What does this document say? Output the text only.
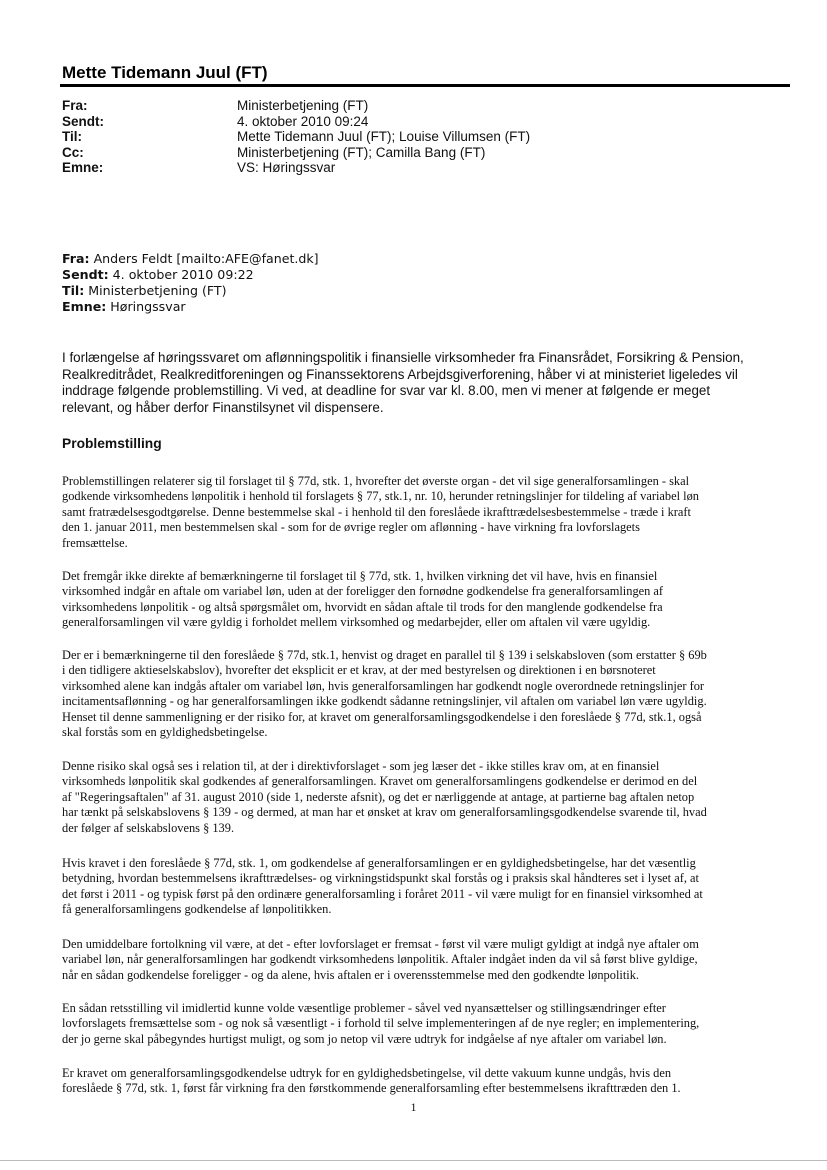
Mette Tidemann Juul (FT)
Fra:	Ministerbetjening (FT)
Sendt:	4. oktober 2010 09:24
Til:	Mette Tidemann Juul (FT); Louise Villumsen (FT)
Cc:	Ministerbetjening (FT); Camilla Bang (FT)
Emne:	VS: Høringssvar
Fra: Anders Feldt [mailto:AFE@fanet.dk]
Sendt: 4. oktober 2010 09:22
Til: Ministerbetjening (FT)
Emne: Høringssvar
I forlængelse af høringssvaret om aflønningspolitik i finansielle virksomheder fra Finansrådet, Forsikring & Pension,
Realkreditrådet, Realkreditforeningen og Finanssektorens Arbejdsgiverforening, håber vi at ministeriet ligeledes vil
inddrage følgende problemstilling. Vi ved, at deadline for svar var kl. 8.00, men vi mener at følgende er meget
relevant, og håber derfor Finanstilsynet vil dispensere.
Problemstilling
Problemstillingen relaterer sig til forslaget til § 77d, stk. 1, hvorefter det øverste organ - det vil sige generalforsamlingen - skal
godkende virksomhedens lønpolitik i henhold til forslagets § 77, stk.1, nr. 10, herunder retningslinjer for tildeling af variabel løn
samt fratrædelsesgodtgørelse. Denne bestemmelse skal - i henhold til den foreslåede ikrafttrædelsesbestemmelse - træde i kraft
den 1. januar 2011, men bestemmelsen skal - som for de øvrige regler om aflønning - have virkning fra lovforslagets
fremsættelse.
Det fremgår ikke direkte af bemærkningerne til forslaget til § 77d, stk. 1, hvilken virkning det vil have, hvis en finansiel
virksomhed indgår en aftale om variabel løn, uden at der foreligger den fornødne godkendelse fra generalforsamlingen af
virksomhedens lønpolitik - og altså spørgsmålet om, hvorvidt en sådan aftale til trods for den manglende godkendelse fra
generalforsamlingen vil være gyldig i forholdet mellem virksomhed og medarbejder, eller om aftalen vil være ugyldig.
Der er i bemærkningerne til den foreslåede § 77d, stk.1, henvist og draget en parallel til § 139 i selskabsloven (som erstatter § 69b
i den tidligere aktieselskabslov), hvorefter det eksplicit er et krav, at der med bestyrelsen og direktionen i en børsnoteret
virksomhed alene kan indgås aftaler om variabel løn, hvis generalforsamlingen har godkendt nogle overordnede retningslinjer for
incitamentsaflønning - og har generalforsamlingen ikke godkendt sådanne retningslinjer, vil aftalen om variabel løn være ugyldig.
Henset til denne sammenligning er der risiko for, at kravet om generalforsamlingsgodkendelse i den foreslåede § 77d, stk.1, også
skal forstås som en gyldighedsbetingelse.
Denne risiko skal også ses i relation til, at der i direktivforslaget - som jeg læser det - ikke stilles krav om, at en finansiel
virksomheds lønpolitik skal godkendes af generalforsamlingen. Kravet om generalforsamlingens godkendelse er derimod en del
af "Regeringsaftalen" af 31. august 2010 (side 1, nederste afsnit), og det er nærliggende at antage, at partierne bag aftalen netop
har tænkt på selskabslovens § 139 - og dermed, at man har et ønsket at krav om generalforsamlingsgodkendelse svarende til, hvad
der følger af selskabslovens § 139.
Hvis kravet i den foreslåede § 77d, stk. 1, om godkendelse af generalforsamlingen er en gyldighedsbetingelse, har det væsentlig
betydning, hvordan bestemmelsens ikrafttrædelses- og virkningstidspunkt skal forstås og i praksis skal håndteres set i lyset af, at
det først i 2011 - og typisk først på den ordinære generalforsamling i foråret 2011 - vil være muligt for en finansiel virksomhed at
få generalforsamlingens godkendelse af lønpolitikken.
Den umiddelbare fortolkning vil være, at det - efter lovforslaget er fremsat - først vil være muligt gyldigt at indgå nye aftaler om
variabel løn, når generalforsamlingen har godkendt virksomhedens lønpolitik. Aftaler indgået inden da vil så først blive gyldige,
når en sådan godkendelse foreligger - og da alene, hvis aftalen er i overensstemmelse med den godkendte lønpolitik.
En sådan retsstilling vil imidlertid kunne volde væsentlige problemer - såvel ved nyansættelser og stillingsændringer efter
lovforslagets fremsættelse som - og nok så væsentligt - i forhold til selve implementeringen af de nye regler; en implementering,
der jo gerne skal påbegyndes hurtigst muligt, og som jo netop vil være udtryk for indgåelse af nye aftaler om variabel løn.
Er kravet om generalforsamlingsgodkendelse udtryk for en gyldighedsbetingelse, vil dette vakuum kunne undgås, hvis den
foreslåede § 77d, stk. 1, først får virkning fra den førstkommende generalforsamling efter bestemmelsens ikrafttræden den 1.
1
